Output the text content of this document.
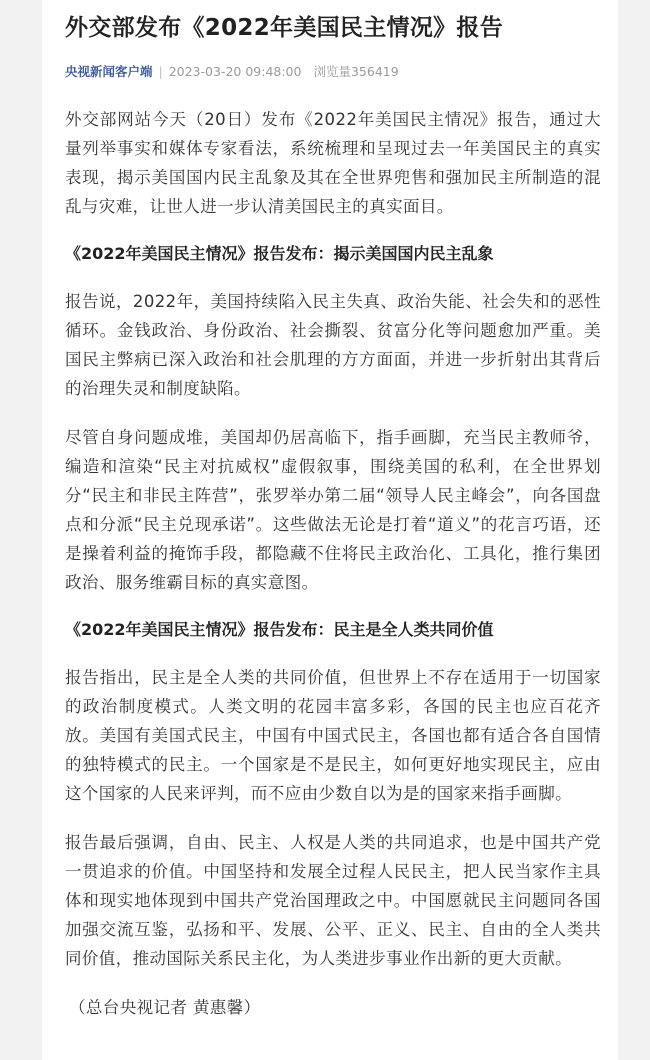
外交部发布《2022年美国民主情况》报告
央视新闻客户端 | 2023-03-20 09:48:00 浏览量356419

外交部网站今天（20日）发布《2022年美国民主情况》报告，通过大量列举事实和媒体专家看法，系统梳理和呈现过去一年美国民主的真实表现，揭示美国国内民主乱象及其在全世界兜售和强加民主所制造的混乱与灾难，让世人进一步认清美国民主的真实面目。

《2022年美国民主情况》报告发布：揭示美国国内民主乱象

报告说，2022年，美国持续陷入民主失真、政治失能、社会失和的恶性循环。金钱政治、身份政治、社会撕裂、贫富分化等问题愈加严重。美国民主弊病已深入政治和社会肌理的方方面面，并进一步折射出其背后的治理失灵和制度缺陷。

尽管自身问题成堆，美国却仍居高临下，指手画脚，充当民主教师爷，编造和渲染“民主对抗威权”虚假叙事，围绕美国的私利，在全世界划分“民主和非民主阵营”，张罗举办第二届“领导人民主峰会”，向各国盘点和分派“民主兑现承诺”。这些做法无论是打着“道义”的花言巧语，还是操着利益的掩饰手段，都隐藏不住将民主政治化、工具化，推行集团政治、服务维霸目标的真实意图。

《2022年美国民主情况》报告发布：民主是全人类共同价值

报告指出，民主是全人类的共同价值，但世界上不存在适用于一切国家的政治制度模式。人类文明的花园丰富多彩，各国的民主也应百花齐放。美国有美国式民主，中国有中国式民主，各国也都有适合各自国情的独特模式的民主。一个国家是不是民主，如何更好地实现民主，应由这个国家的人民来评判，而不应由少数自以为是的国家来指手画脚。

报告最后强调，自由、民主、人权是人类的共同追求，也是中国共产党一贯追求的价值。中国坚持和发展全过程人民民主，把人民当家作主具体和现实地体现到中国共产党治国理政之中。中国愿就民主问题同各国加强交流互鉴，弘扬和平、发展、公平、正义、民主、自由的全人类共同价值，推动国际关系民主化，为人类进步事业作出新的更大贡献。

（总台央视记者 黄惠馨）
